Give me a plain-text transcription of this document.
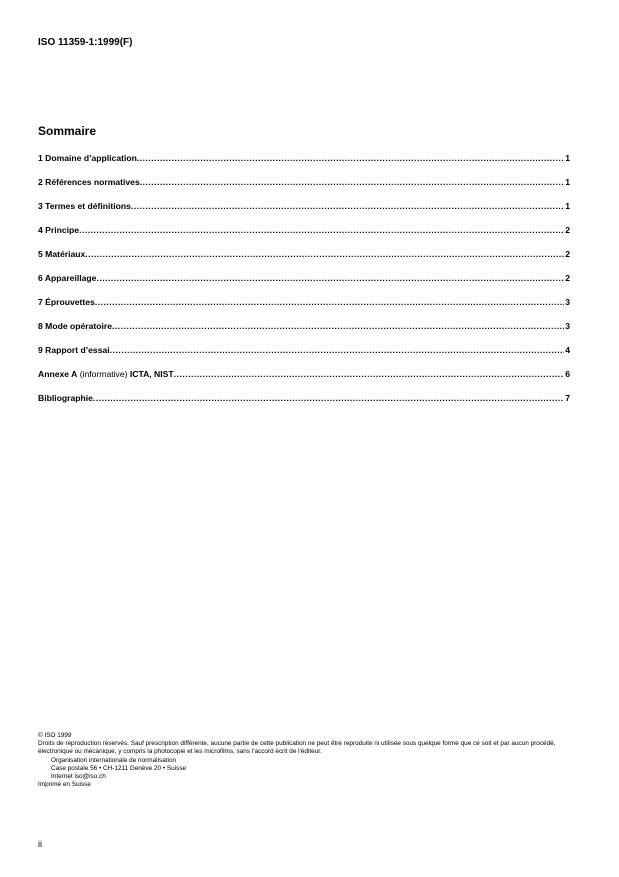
ISO 11359-1:1999(F)
Sommaire
1 Domaine d’application .....	1
2 Références normatives .....	1
3 Termes et définitions .....	1
4 Principe .....	2
5 Matériaux .....	2
6 Appareillage .....	2
7 Éprouvettes .....	3
8 Mode opératoire .....	3
9 Rapport d’essai .....	4
Annexe A (informative) ICTA, NIST .....	6
Bibliographie .....	7

© ISO 1999

Droits de reproduction réservés. Sauf prescription différente, aucune partie de cette publication ne peut être reproduite ni utilisée sous quelque forme que ce soit et par aucun procédé, électronique ou mécanique, y compris la photocopie et les microfilms, sans l'accord écrit de l'éditeur.

Organisation internationale de normalisation

Case postale 56 • CH-1211 Genève 20 • Suisse

Internet iso@iso.ch

Imprimé en Suisse

ii
